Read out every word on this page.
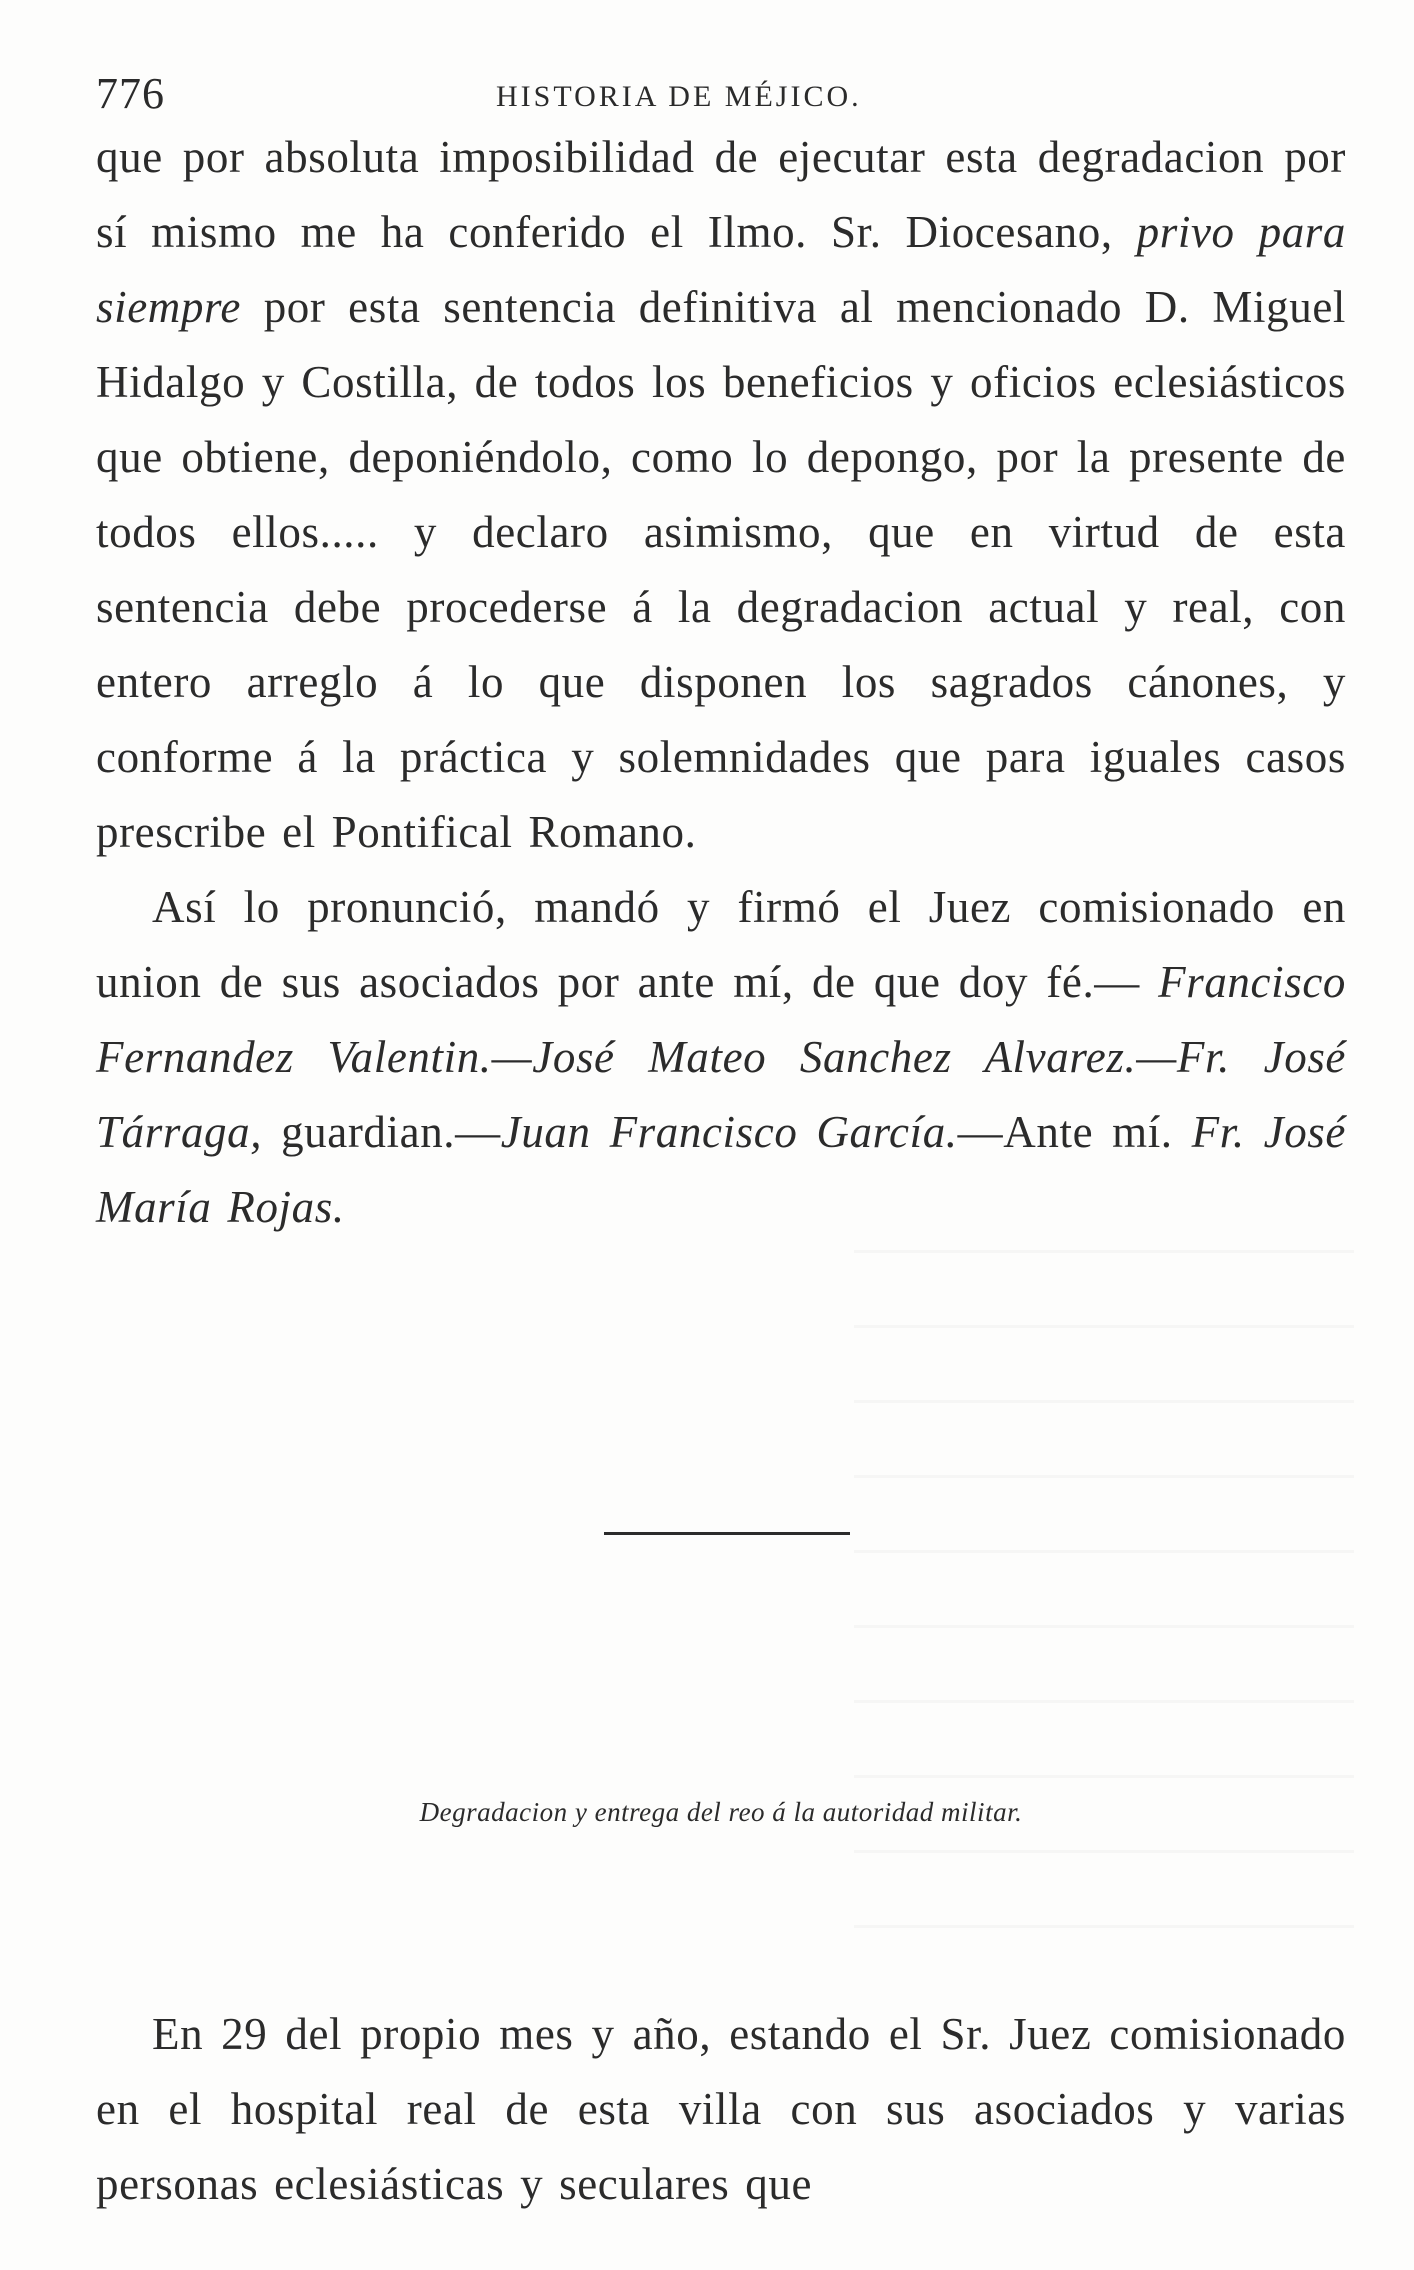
776	HISTORIA DE MÉJICO.

que por absoluta imposibilidad de ejecutar esta degradacion por sí mismo me ha conferido el Ilmo. Sr. Diocesano, privo para siempre por esta sentencia definitiva al mencionado D. Miguel Hidalgo y Costilla, de todos los beneficios y oficios eclesiásticos que obtiene, deponiéndolo, como lo depongo, por la presente de todos ellos..... y declaro asimismo, que en virtud de esta sentencia debe procederse á la degradacion actual y real, con entero arreglo á lo que disponen los sagrados cánones, y conforme á la práctica y solemnidades que para iguales casos prescribe el Pontifical Romano.

Así lo pronunció, mandó y firmó el Juez comisionado en union de sus asociados por ante mí, de que doy fé.— Francisco Fernandez Valentin.—José Mateo Sanchez Alvarez.—Fr. José Tárraga, guardian.—Juan Francisco García.—Ante mí. Fr. José María Rojas.

Degradacion y entrega del reo á la autoridad militar.

En 29 del propio mes y año, estando el Sr. Juez comisionado en el hospital real de esta villa con sus asociados y varias personas eclesiásticas y seculares que
